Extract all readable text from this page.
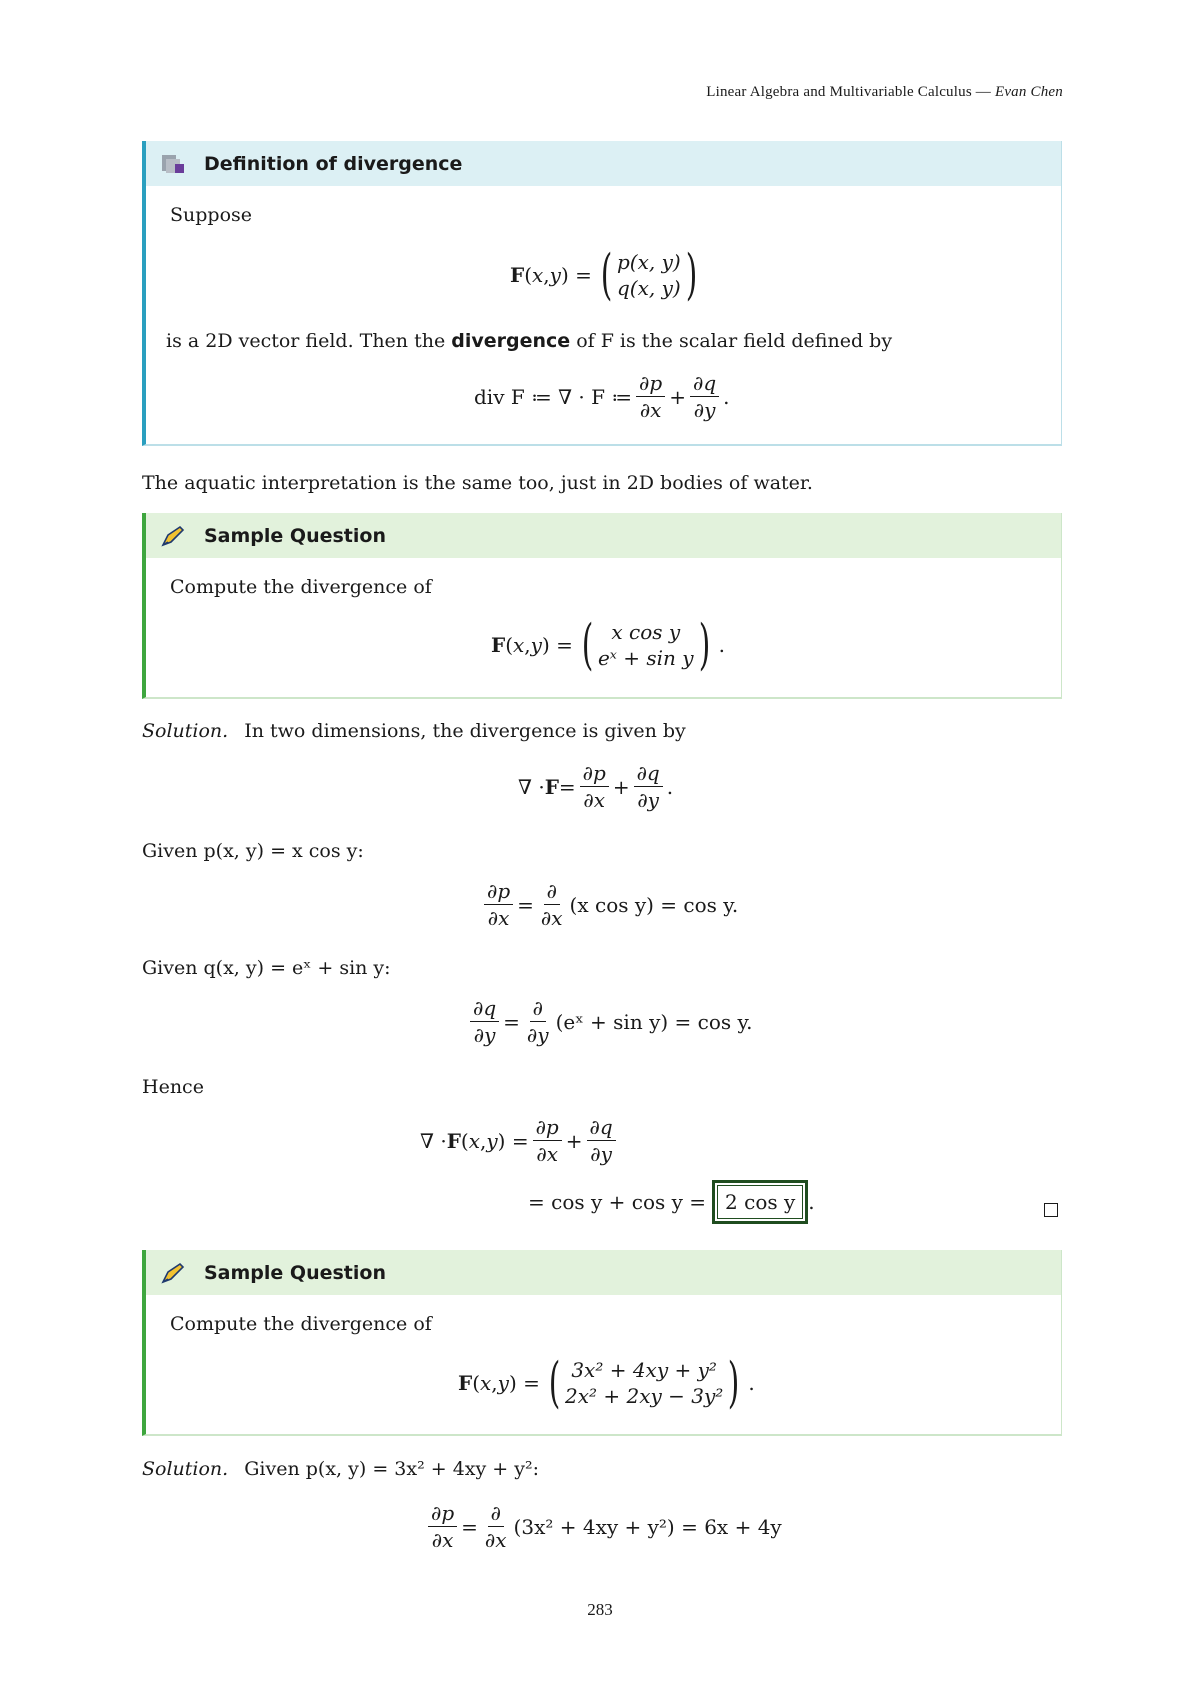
Linear Algebra and Multivariable Calculus — Evan Chen
Definition of divergence
Suppose
F ( x , y ) = ( p(x, y)
q(x, y) )
is a 2D vector field. Then the divergence of F is the scalar field defined by
div F ≔ ∇ · F ≔ $\frac{\partial p}{\partial x} + \frac{\partial q}{\partial y}$ .
The aquatic interpretation is the same too, just in 2D bodies of water.
Sample Question
Compute the divergence of
F ( x , y ) = ( x cos y
eˣ + sin y ) .
Solution. In two dimensions, the divergence is given by
∇ · $F = \frac{\partial p}{\partial x} + \frac{\partial q}{\partial y}$ .
Given p(x, y) = x cos y:
$\frac{\partial p}{\partial x} = \frac{\partial}{\partial x} (x$ cos y) = cos y.
Given q(x, y) = eˣ + sin y:
$\frac{\partial q}{\partial y} = \frac{\partial}{\partial y}$ (eˣ + sin y) = cos y.
Hence
∇ · F ( x , y ) = $\frac{\partial p}{\partial x} + \frac{\partial q}{\partial y}$
= cos y + cos y = 2 cos y .
Sample Question
Compute the divergence of
F ( x , y ) = ( 3x² + 4xy + y²
2x² + 2xy − 3y² ) .
Solution. Given p(x, y) = 3x² + 4xy + y²:
$\frac{\partial p}{\partial x} = \frac{\partial}{\partial x} (3x^2 + 4xy + y^2) = 6x + 4y$
283
